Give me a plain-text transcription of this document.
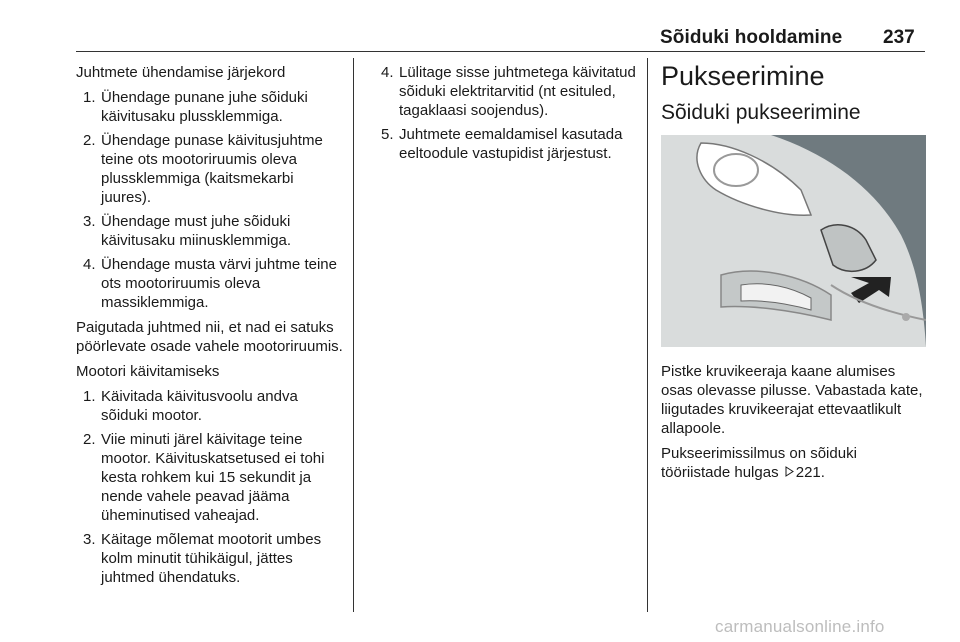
Sõiduki hooldamine 237

Juhtmete ühendamise järjekord

1. Ühendage punane juhe sõiduki käivitusaku plussklemmiga.
2. Ühendage punase käivitusjuhtme teine ots mootoriruumis oleva plussklemmiga (kaitsmekarbi juures).
3. Ühendage must juhe sõiduki käivitusaku miinusklemmiga.
4. Ühendage musta värvi juhtme teine ots mootoriruumis oleva massiklemmiga.

Paigutada juhtmed nii, et nad ei satuks pöörlevate osade vahele mootoriruumis.

Mootori käivitamiseks

1. Käivitada käivitusvoolu andva sõiduki mootor.
2. Viie minuti järel käivitage teine mootor. Käivituskatsetused ei tohi kesta rohkem kui 15 sekundit ja nende vahele peavad jääma üheminutised vaheajad.
3. Käitage mõlemat mootorit umbes kolm minutit tühikäigul, jättes juhtmed ühendatuks.
4. Lülitage sisse juhtmetega käivitatud sõiduki elektritarvitid (nt esituled, tagaklaasi soojendus).
5. Juhtmete eemaldamisel kasutada eeltoodule vastupidist järjestust.
Pukseerimine
Sõiduki pukseerimine

Pistke kruvikeeraja kaane alumises osas olevasse pilusse. Vabastada kate, liigutades kruvikeerajat ettevaatlikult allapoole.

Pukseerimissilmus on sõiduki tööriistade hulgas 221.

carmanualsonline.info
